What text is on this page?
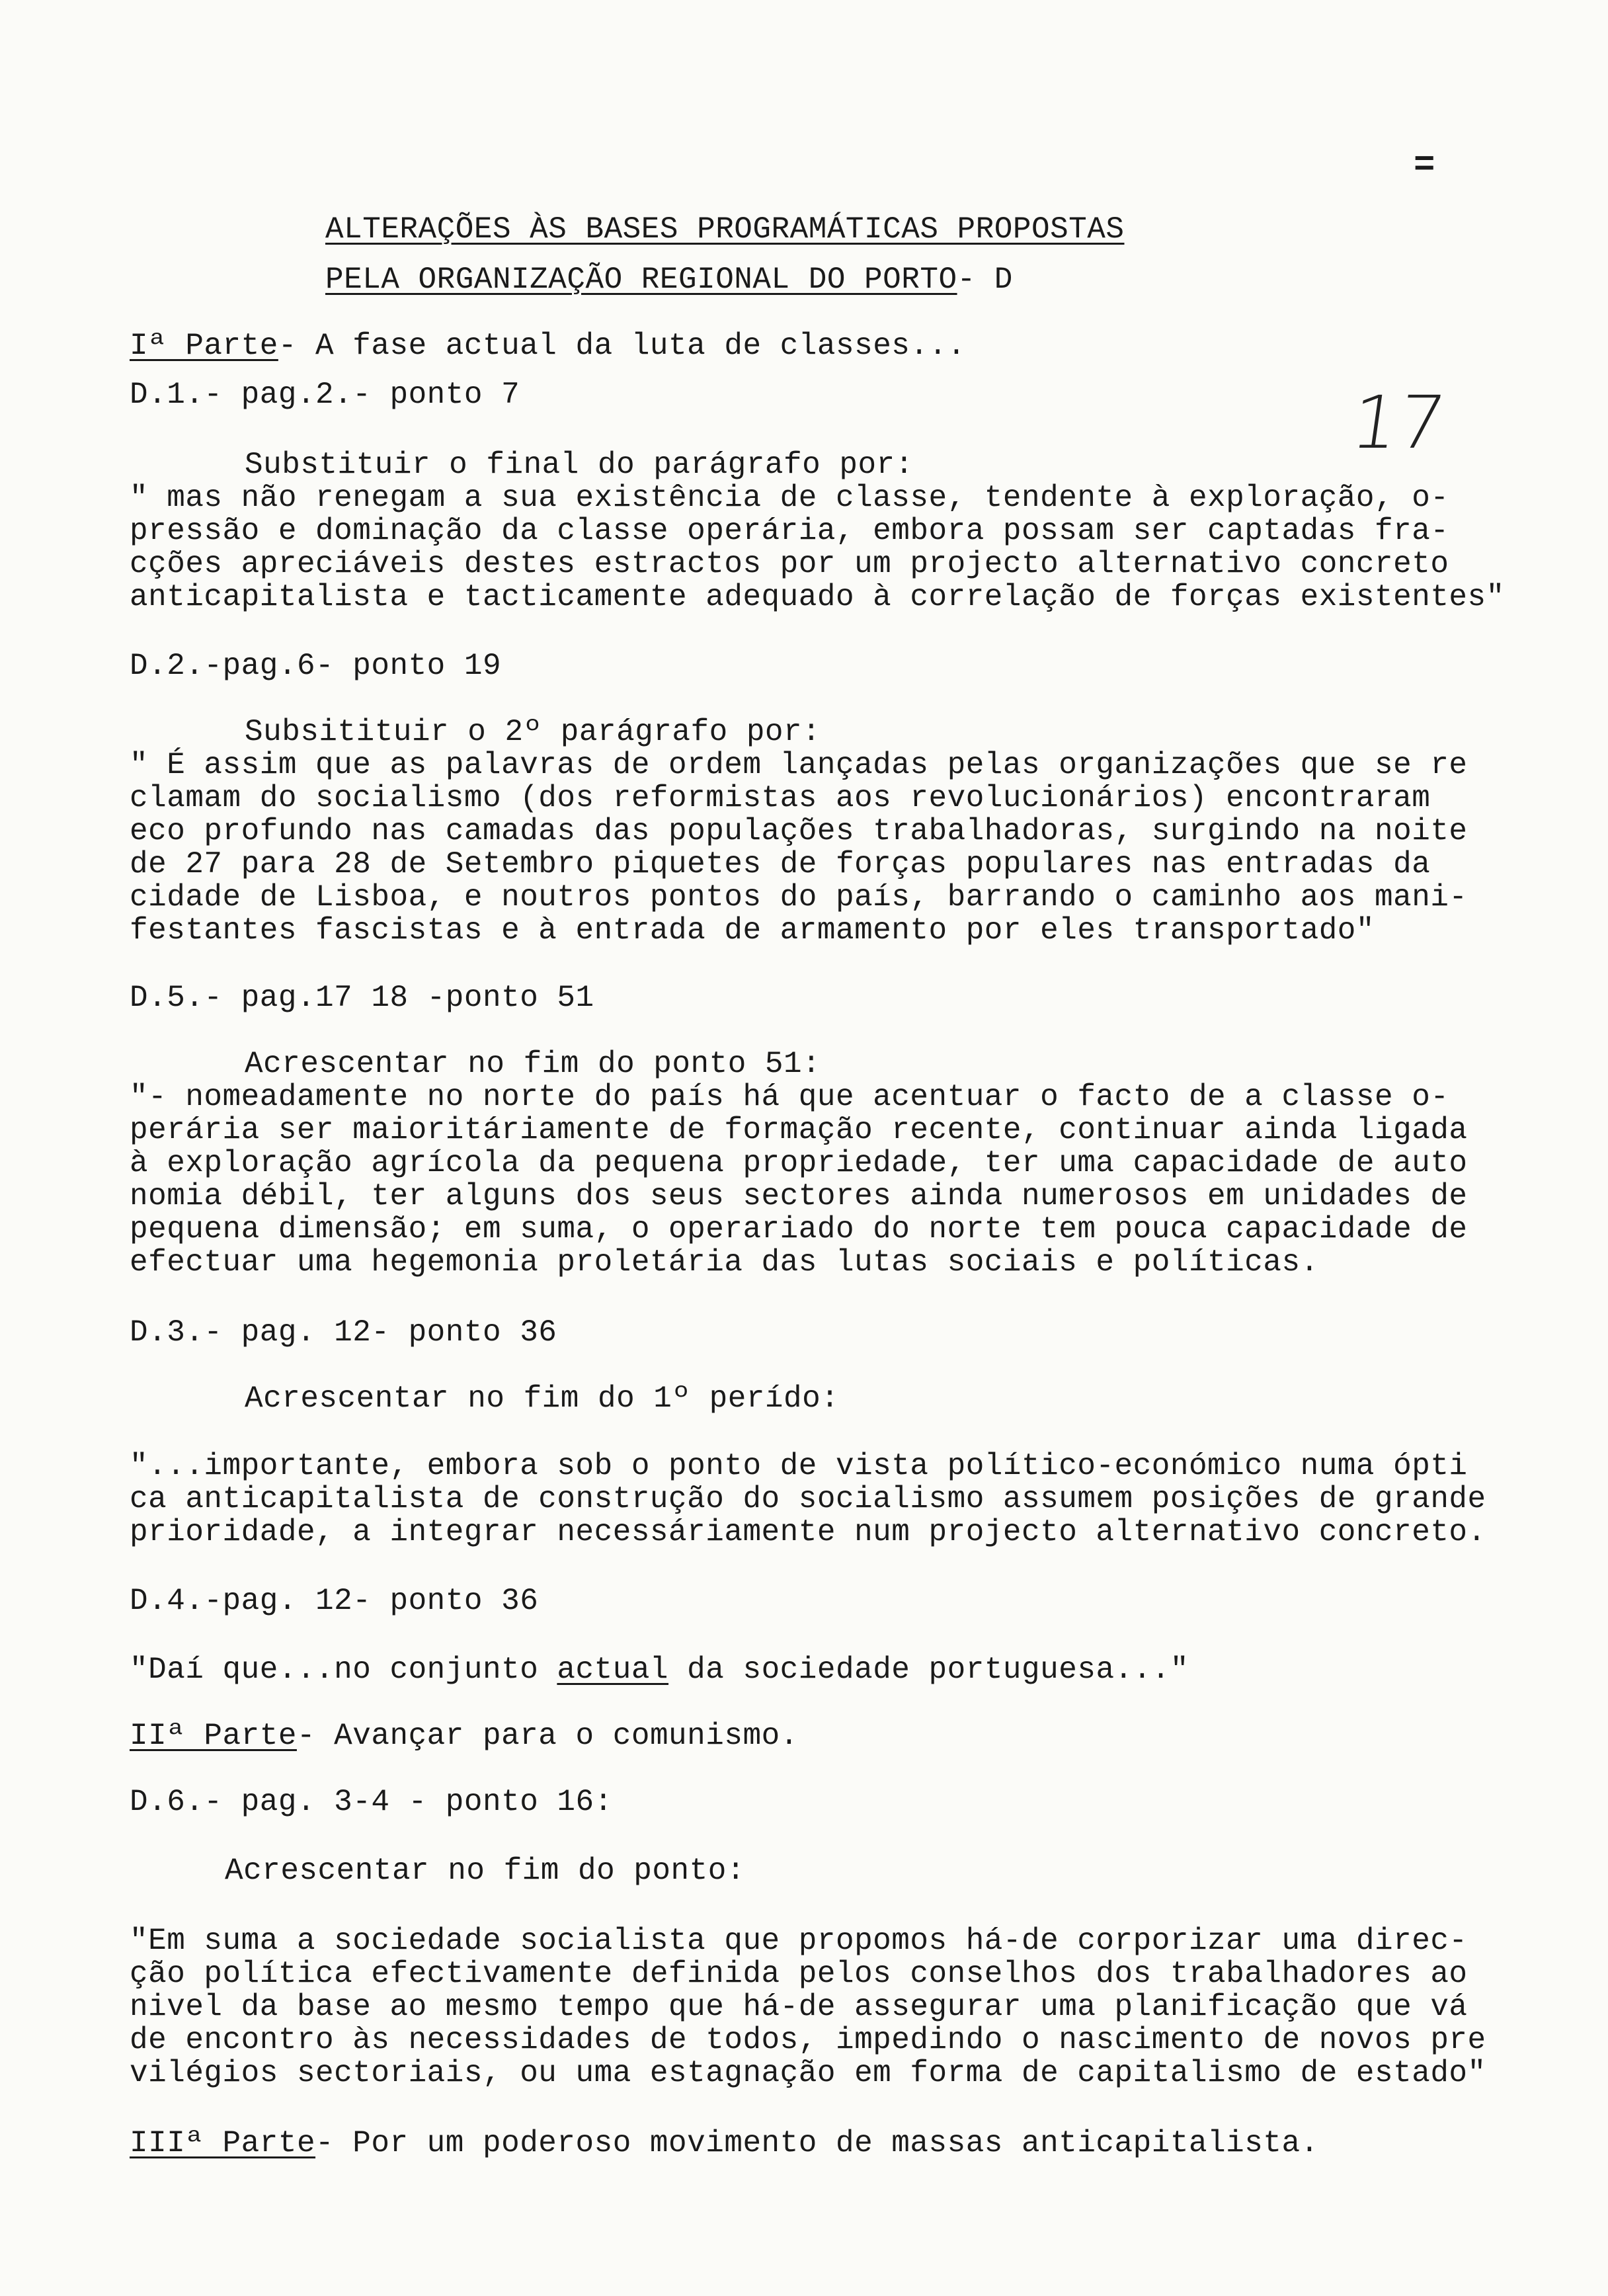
=
17
ALTERAÇÕES ÀS BASES PROGRAMÁTICAS PROPOSTAS
PELA ORGANIZAÇÃO REGIONAL DO PORTO- D
Iª Parte- A fase actual da luta de classes...
D.1.- pag.2.- ponto 7
Substituir o final do parágrafo por:
" mas não renegam a sua existência de classe, tendente à exploração, o-
pressão e dominação da classe operária, embora possam ser captadas fra-
cções apreciáveis destes estractos por um projecto alternativo concreto
anticapitalista e tacticamente adequado à correlação de forças existentes"
D.2.-pag.6- ponto 19
Subsitituir o 2º parágrafo por:
" É assim que as palavras de ordem lançadas pelas organizações que se re
clamam do socialismo (dos reformistas aos revolucionários) encontraram
eco profundo nas camadas das populações trabalhadoras, surgindo na noite
de 27 para 28 de Setembro piquetes de forças populares nas entradas da
cidade de Lisboa, e noutros pontos do país, barrando o caminho aos mani-
festantes fascistas e à entrada de armamento por eles transportado"
D.5.- pag.17 18 -ponto 51
Acrescentar no fim do ponto 51:
"- nomeadamente no norte do país há que acentuar o facto de a classe o-
perária ser maioritáriamente de formação recente, continuar ainda ligada
à exploração agrícola da pequena propriedade, ter uma capacidade de auto
nomia débil, ter alguns dos seus sectores ainda numerosos em unidades de
pequena dimensão; em suma, o operariado do norte tem pouca capacidade de
efectuar uma hegemonia proletária das lutas sociais e políticas.
D.3.- pag. 12- ponto 36
Acrescentar no fim do 1º perído:
"...importante, embora sob o ponto de vista político-económico numa ópti
ca anticapitalista de construção do socialismo assumem posições de grande
prioridade, a integrar necessáriamente num projecto alternativo concreto.
D.4.-pag. 12- ponto 36
"Daí que...no conjunto actual da sociedade portuguesa..."
IIª Parte- Avançar para o comunismo.
D.6.- pag. 3-4 - ponto 16:
Acrescentar no fim do ponto:
"Em suma a sociedade socialista que propomos há-de corporizar uma direc-
ção política efectivamente definida pelos conselhos dos trabalhadores ao
nivel da base ao mesmo tempo que há-de assegurar uma planificação que vá
de encontro às necessidades de todos, impedindo o nascimento de novos pre
vilégios sectoriais, ou uma estagnação em forma de capitalismo de estado"
IIIª Parte- Por um poderoso movimento de massas anticapitalista.
